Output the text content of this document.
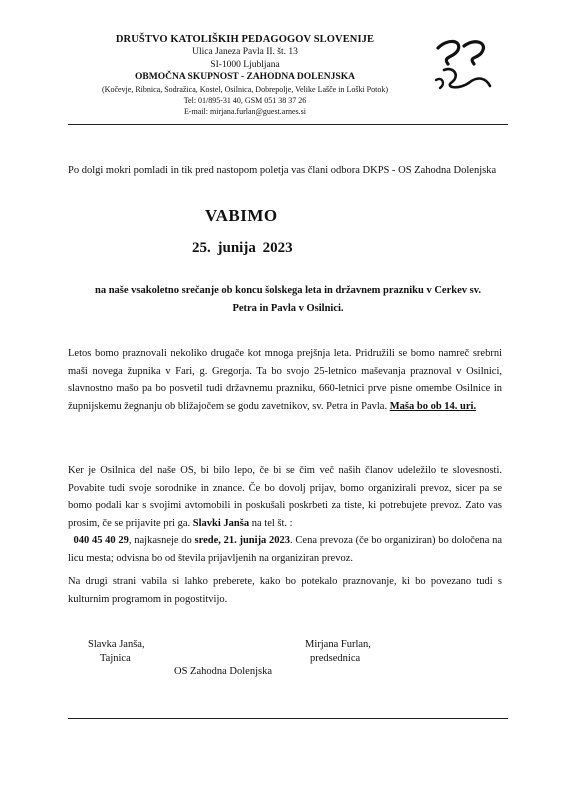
DRUŠTVO KATOLIŠKIH PEDAGOGOV SLOVENIJE
Ulica Janeza Pavla II. št. 13
SI-1000 Ljubljana
OBMOČNA SKUPNOST - ZAHODNA DOLENJSKA
(Kočevje, Ribnica, Sodražica, Kostel, Osilnica, Dobrepolje, Velike Lašče in Loški Potok)
Tel: 01/895-31 40, GSM 051 38 37 26
E-mail: mirjana.furlan@guest.arnes.si
Po dolgi mokri pomladi in tik pred nastopom poletja vas člani odbora DKPS - OS Zahodna Dolenjska
VABIMO
25. junija 2023

na naše vsakoletno srečanje ob koncu šolskega leta in državnem prazniku v Cerkev sv.

Petra in Pavla v Osilnici.

Letos bomo praznovali nekoliko drugače kot mnoga prejšnja leta. Pridružili se bomo namreč srebrni maši novega župnika v Fari, g. Gregorja. Ta bo svojo 25-letnico maševanja praznoval v Osilnici, slavnostno mašo pa bo posvetil tudi državnemu prazniku, 660-letnici prve pisne omembe Osilnice in župnijskemu žegnanju ob bližajočem se godu zavetnikov, sv. Petra in Pavla. Maša bo ob 14. uri.

Ker je Osilnica del naše OS, bi bilo lepo, če bi se čim več naših članov udeležilo te slovesnosti. Povabite tudi svoje sorodnike in znance. Če bo dovolj prijav, bomo organizirali prevoz, sicer pa se bomo podali kar s svojimi avtomobili in poskušali poskrbeti za tiste, ki potrebujete prevoz. Zato vas prosim, če se prijavite pri ga. Slavki Janša na tel št. :
040 45 40 29, najkasneje do srede, 21. junija 2023. Cena prevoza (če bo organiziran) bo določena na licu mesta; odvisna bo od števila prijavljenih na organiziran prevoz.

Na drugi strani vabila si lahko preberete, kako bo potekalo praznovanje, ki bo povezano tudi s kulturnim programom in pogostitvijo.

Slavka Janša,
Tajnica
Mirjana Furlan,
predsednica
OS Zahodna Dolenjska
